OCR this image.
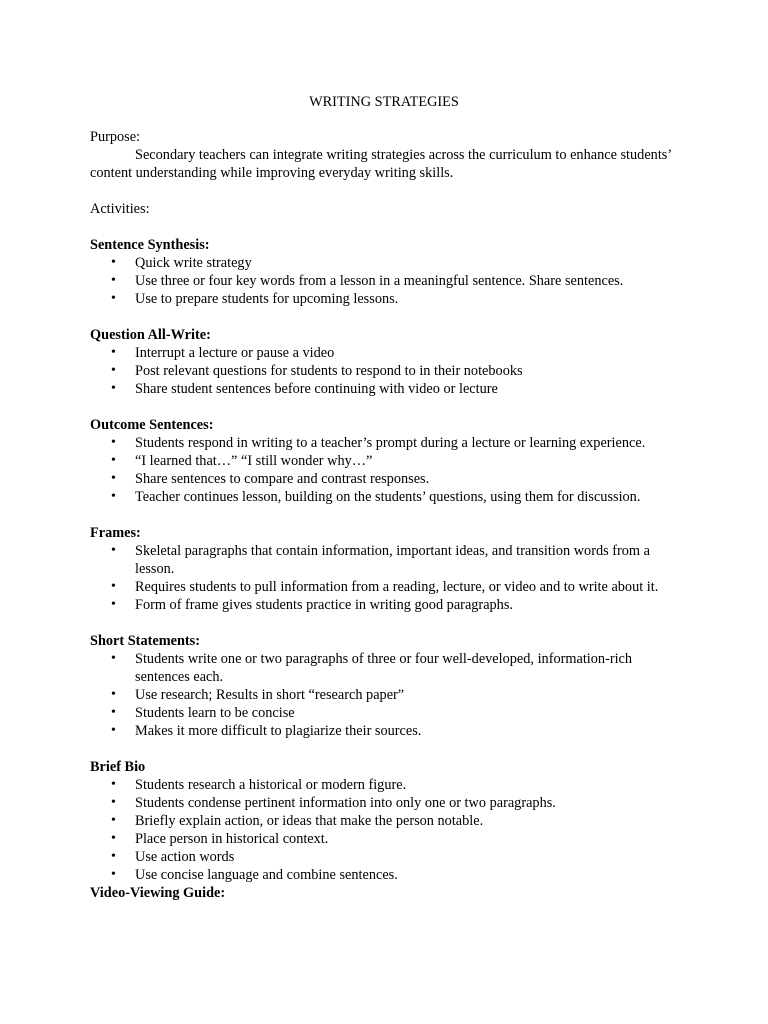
WRITING STRATEGIES

Purpose:

Secondary teachers can integrate writing strategies across the curriculum to enhance students’ content understanding while improving everyday writing skills.

Activities:

Sentence Synthesis:

• Quick write strategy
• Use three or four key words from a lesson in a meaningful sentence. Share sentences.
• Use to prepare students for upcoming lessons.

Question All-Write:

• Interrupt a lecture or pause a video
• Post relevant questions for students to respond to in their notebooks
• Share student sentences before continuing with video or lecture

Outcome Sentences:

• Students respond in writing to a teacher’s prompt during a lecture or learning experience.
• “I learned that…” “I still wonder why…”
• Share sentences to compare and contrast responses.
• Teacher continues lesson, building on the students’ questions, using them for discussion.

Frames:

• Skeletal paragraphs that contain information, important ideas, and transition words from a lesson.
• Requires students to pull information from a reading, lecture, or video and to write about it.
• Form of frame gives students practice in writing good paragraphs.

Short Statements:

• Students write one or two paragraphs of three or four well-developed, information-rich sentences each.
• Use research; Results in short “research paper”
• Students learn to be concise
• Makes it more difficult to plagiarize their sources.

Brief Bio

• Students research a historical or modern figure.
• Students condense pertinent information into only one or two paragraphs.
• Briefly explain action, or ideas that make the person notable.
• Place person in historical context.
• Use action words
• Use concise language and combine sentences.

Video-Viewing Guide:
